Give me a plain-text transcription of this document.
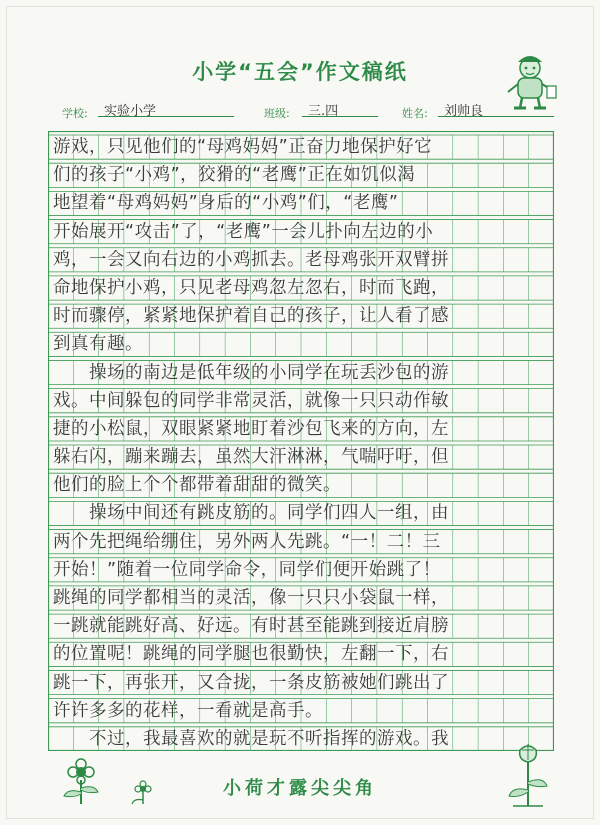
小学“五会”作文稿纸
学校:	实验小学	班级:	三.四	姓名:	刘帅良
游戏，只见他们的“母鸡妈妈”正奋力地保护好它
们的孩子“小鸡”，狡猾的“老鹰”正在如饥似渴
地望着“母鸡妈妈”身后的“小鸡”们，“老鹰”
开始展开“攻击”了，“老鹰”一会儿扑向左边的小
鸡，一会又向右边的小鸡抓去。老母鸡张开双臂拼
命地保护小鸡，只见老母鸡忽左忽右，时而飞跑，
时而骤停，紧紧地保护着自己的孩子，让人看了感
到真有趣。
　　操场的南边是低年级的小同学在玩丢沙包的游
戏。中间躲包的同学非常灵活，就像一只只动作敏
捷的小松鼠，双眼紧紧地盯着沙包飞来的方向，左
躲右闪，蹦来蹦去，虽然大汗淋淋，气喘吁吁，但
他们的脸上个个都带着甜甜的微笑。
　　操场中间还有跳皮筋的。同学们四人一组，由
两个先把绳给绷住，另外两人先跳。“一！二！三
开始！”随着一位同学命令，同学们便开始跳了！
跳绳的同学都相当的灵活，像一只只小袋鼠一样，
一跳就能跳好高、好远。有时甚至能跳到接近肩膀
的位置呢！跳绳的同学腿也很勤快，左翻一下，右
跳一下，再张开，又合拢，一条皮筋被她们跳出了
许许多多的花样，一看就是高手。
　　不过，我最喜欢的就是玩不听指挥的游戏。我
小荷才露尖尖角
